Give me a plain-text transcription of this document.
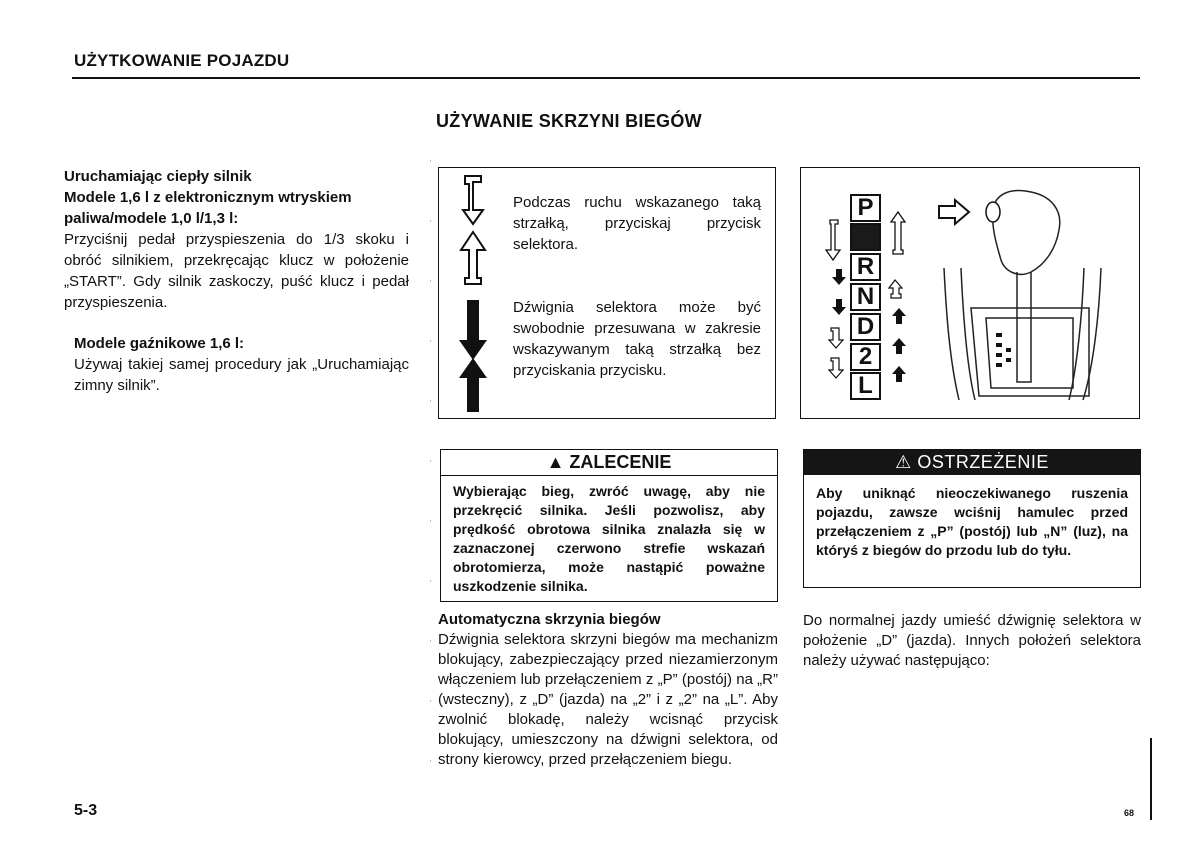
UŻYTKOWANIE POJAZDU
UŻYWANIE SKRZYNI BIEGÓW
Uruchamiając ciepły silnik
Modele 1,6 l z elektronicznym wtryskiem paliwa/modele 1,0 l/1,3 l:

Przyciśnij pedał przyspieszenia do 1/3 skoku i obróć silnikiem, przekręcając klucz w położenie „START”. Gdy silnik zaskoczy, puść klucz i pedał przyspieszenia.

Modele gaźnikowe 1,6 l:

Używaj takiej samej procedury jak „Uruchamiając zimny silnik”.

Podczas ruchu wskazanego taką strzałką, przyciskaj przycisk selektora.
Dźwignia selektora może być swobodnie przesuwana w zakresie wskazywanym taką strzałką bez przyciskania przycisku.
P
R
N
D
2
L
▲ ZALECENIE
Wybierając bieg, zwróć uwagę, aby nie przekręcić silnika. Jeśli pozwolisz, aby prędkość obrotowa silnika znalazła się w zaznaczonej czerwono strefie wskazań obrotomierza, może nastąpić poważne uszkodzenie silnika.
⚠ OSTRZEŻENIE
Aby uniknąć nieoczekiwanego ruszenia pojazdu, zawsze wciśnij hamulec przed przełączeniem z „P” (postój) lub „N” (luz), na któryś z biegów do przodu lub do tyłu.
Automatyczna skrzynia biegów

Dźwignia selektora skrzyni biegów ma mechanizm blokujący, zabezpieczający przed niezamierzonym włączeniem lub przełączeniem z „P” (postój) na „R” (wsteczny), z „D” (jazda) na „2” i z „2” na „L”. Aby zwolnić blokadę, należy wcisnąć przycisk blokujący, umieszczony na dźwigni selektora, od strony kierowcy, przed przełączeniem biegu.

Do normalnej jazdy umieść dźwignię selektora w położenie „D” (jazda). Innych położeń selektora należy używać następująco:
5-3	68
